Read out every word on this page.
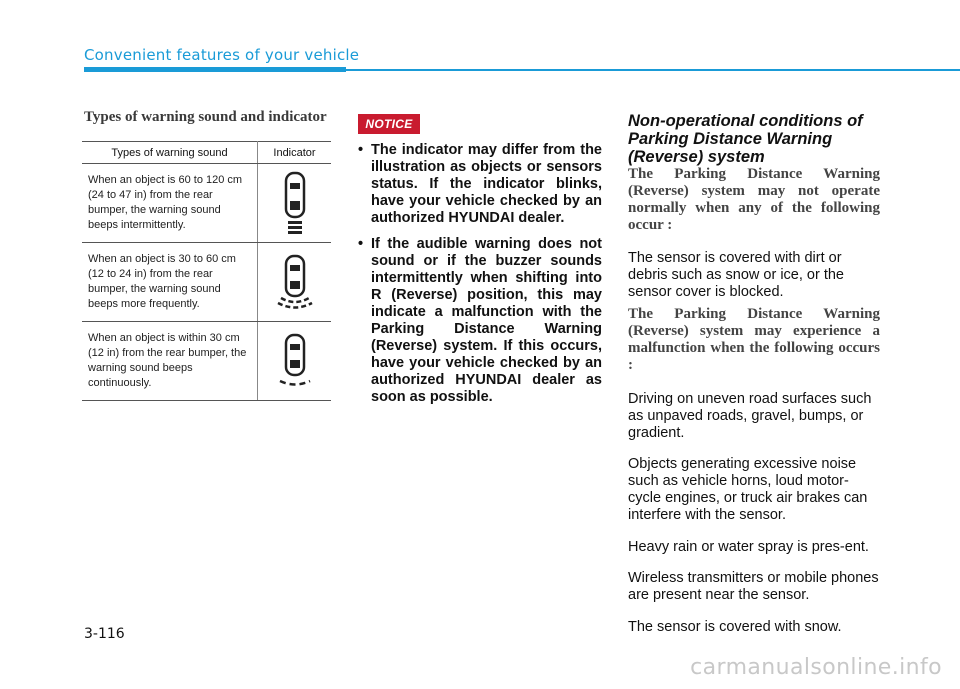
Convenient features of your vehicle
Types of warning sound and indicator
Types of warning sound	Indicator
When an object is 60 to 120 cm (24 to 47 in) from the rear bumper, the warning sound beeps intermittently.	

When an object is 30 to 60 cm (12 to 24 in) from the rear bumper, the warning sound beeps more frequently.	

When an object is within 30 cm (12 in) from the rear bumper, the warning sound beeps continuously.	
NOTICE

• The indicator may differ from the illustration as objects or sensors status. If the indicator blinks, have your vehicle checked by an authorized HYUNDAI dealer.

• If the audible warning does not sound or if the buzzer sounds intermittently when shifting into R (Reverse) position, this may indicate a malfunction with the Parking Distance Warning (Reverse) system. If this occurs, have your vehicle checked by an authorized HYUNDAI dealer as soon as possible.

Non-operational conditions of Parking Distance Warning (Reverse) system

The Parking Distance Warning (Reverse) system may not operate normally when any of the following occur :

The sensor is covered with dirt or debris such as snow or ice, or the sensor cover is blocked.

The Parking Distance Warning (Reverse) system may experience a malfunction when the following occurs :

Driving on uneven road surfaces such as unpaved roads, gravel, bumps, or gradient.

Objects generating excessive noise such as vehicle horns, loud motor-cycle engines, or truck air brakes can interfere with the sensor.

Heavy rain or water spray is pres-ent.

Wireless transmitters or mobile phones are present near the sensor.

The sensor is covered with snow.

3-116
carmanualsonline.info
